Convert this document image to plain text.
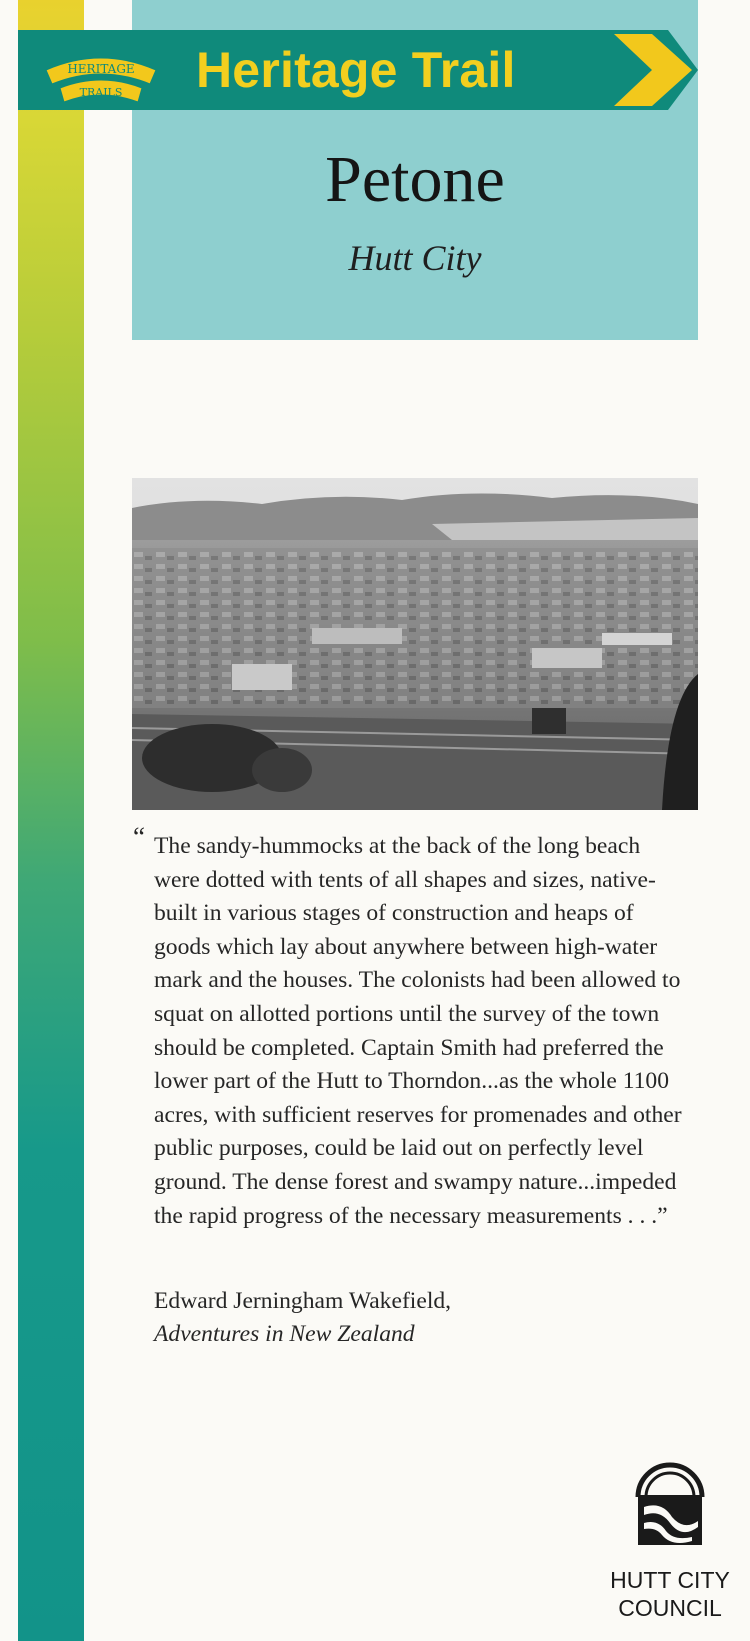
HERITAGE
TRAILS Heritage Trail
Petone
Hutt City
“ The sandy-hummocks at the back of the long beach were dotted with tents of all shapes and sizes, native-built in various stages of construction and heaps of goods which lay about anywhere between high-water mark and the houses. The colonists had been allowed to squat on allotted portions until the survey of the town should be completed. Captain Smith had preferred the lower part of the Hutt to Thorndon...as the whole 1100 acres, with sufficient reserves for promenades and other public purposes, could be laid out on perfectly level ground. The dense forest and swampy nature...impeded the rapid progress of the necessary measurements . . .”

Edward Jerningham Wakefield,
Adventures in New Zealand
HUTT CITY
COUNCIL
